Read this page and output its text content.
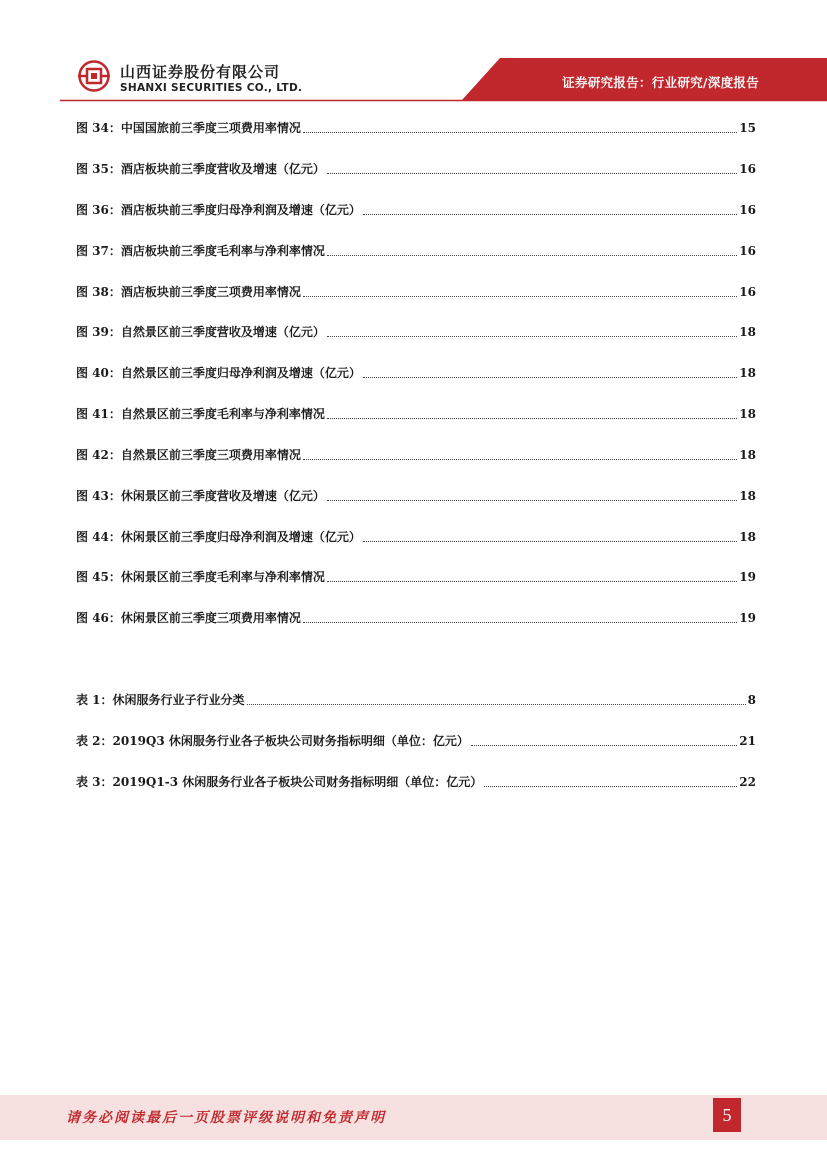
山西证券股份有限公司
SHANXI SECURITIES CO., LTD.	证券研究报告：行业研究/深度报告
图 34：中国国旅前三季度三项费用率情况	15
图 35：酒店板块前三季度营收及增速（亿元）	16
图 36：酒店板块前三季度归母净利润及增速（亿元）	16
图 37：酒店板块前三季度毛利率与净利率情况	16
图 38：酒店板块前三季度三项费用率情况	16
图 39：自然景区前三季度营收及增速（亿元）	18
图 40：自然景区前三季度归母净利润及增速（亿元）	18
图 41：自然景区前三季度毛利率与净利率情况	18
图 42：自然景区前三季度三项费用率情况	18
图 43：休闲景区前三季度营收及增速（亿元）	18
图 44：休闲景区前三季度归母净利润及增速（亿元）	18
图 45：休闲景区前三季度毛利率与净利率情况	19
图 46：休闲景区前三季度三项费用率情况	19
表 1：休闲服务行业子行业分类	8
表 2：2019Q3 休闲服务行业各子板块公司财务指标明细（单位：亿元）	21
表 3：2019Q1-3 休闲服务行业各子板块公司财务指标明细（单位：亿元）	22
请务必阅读最后一页股票评级说明和免责声明	5
